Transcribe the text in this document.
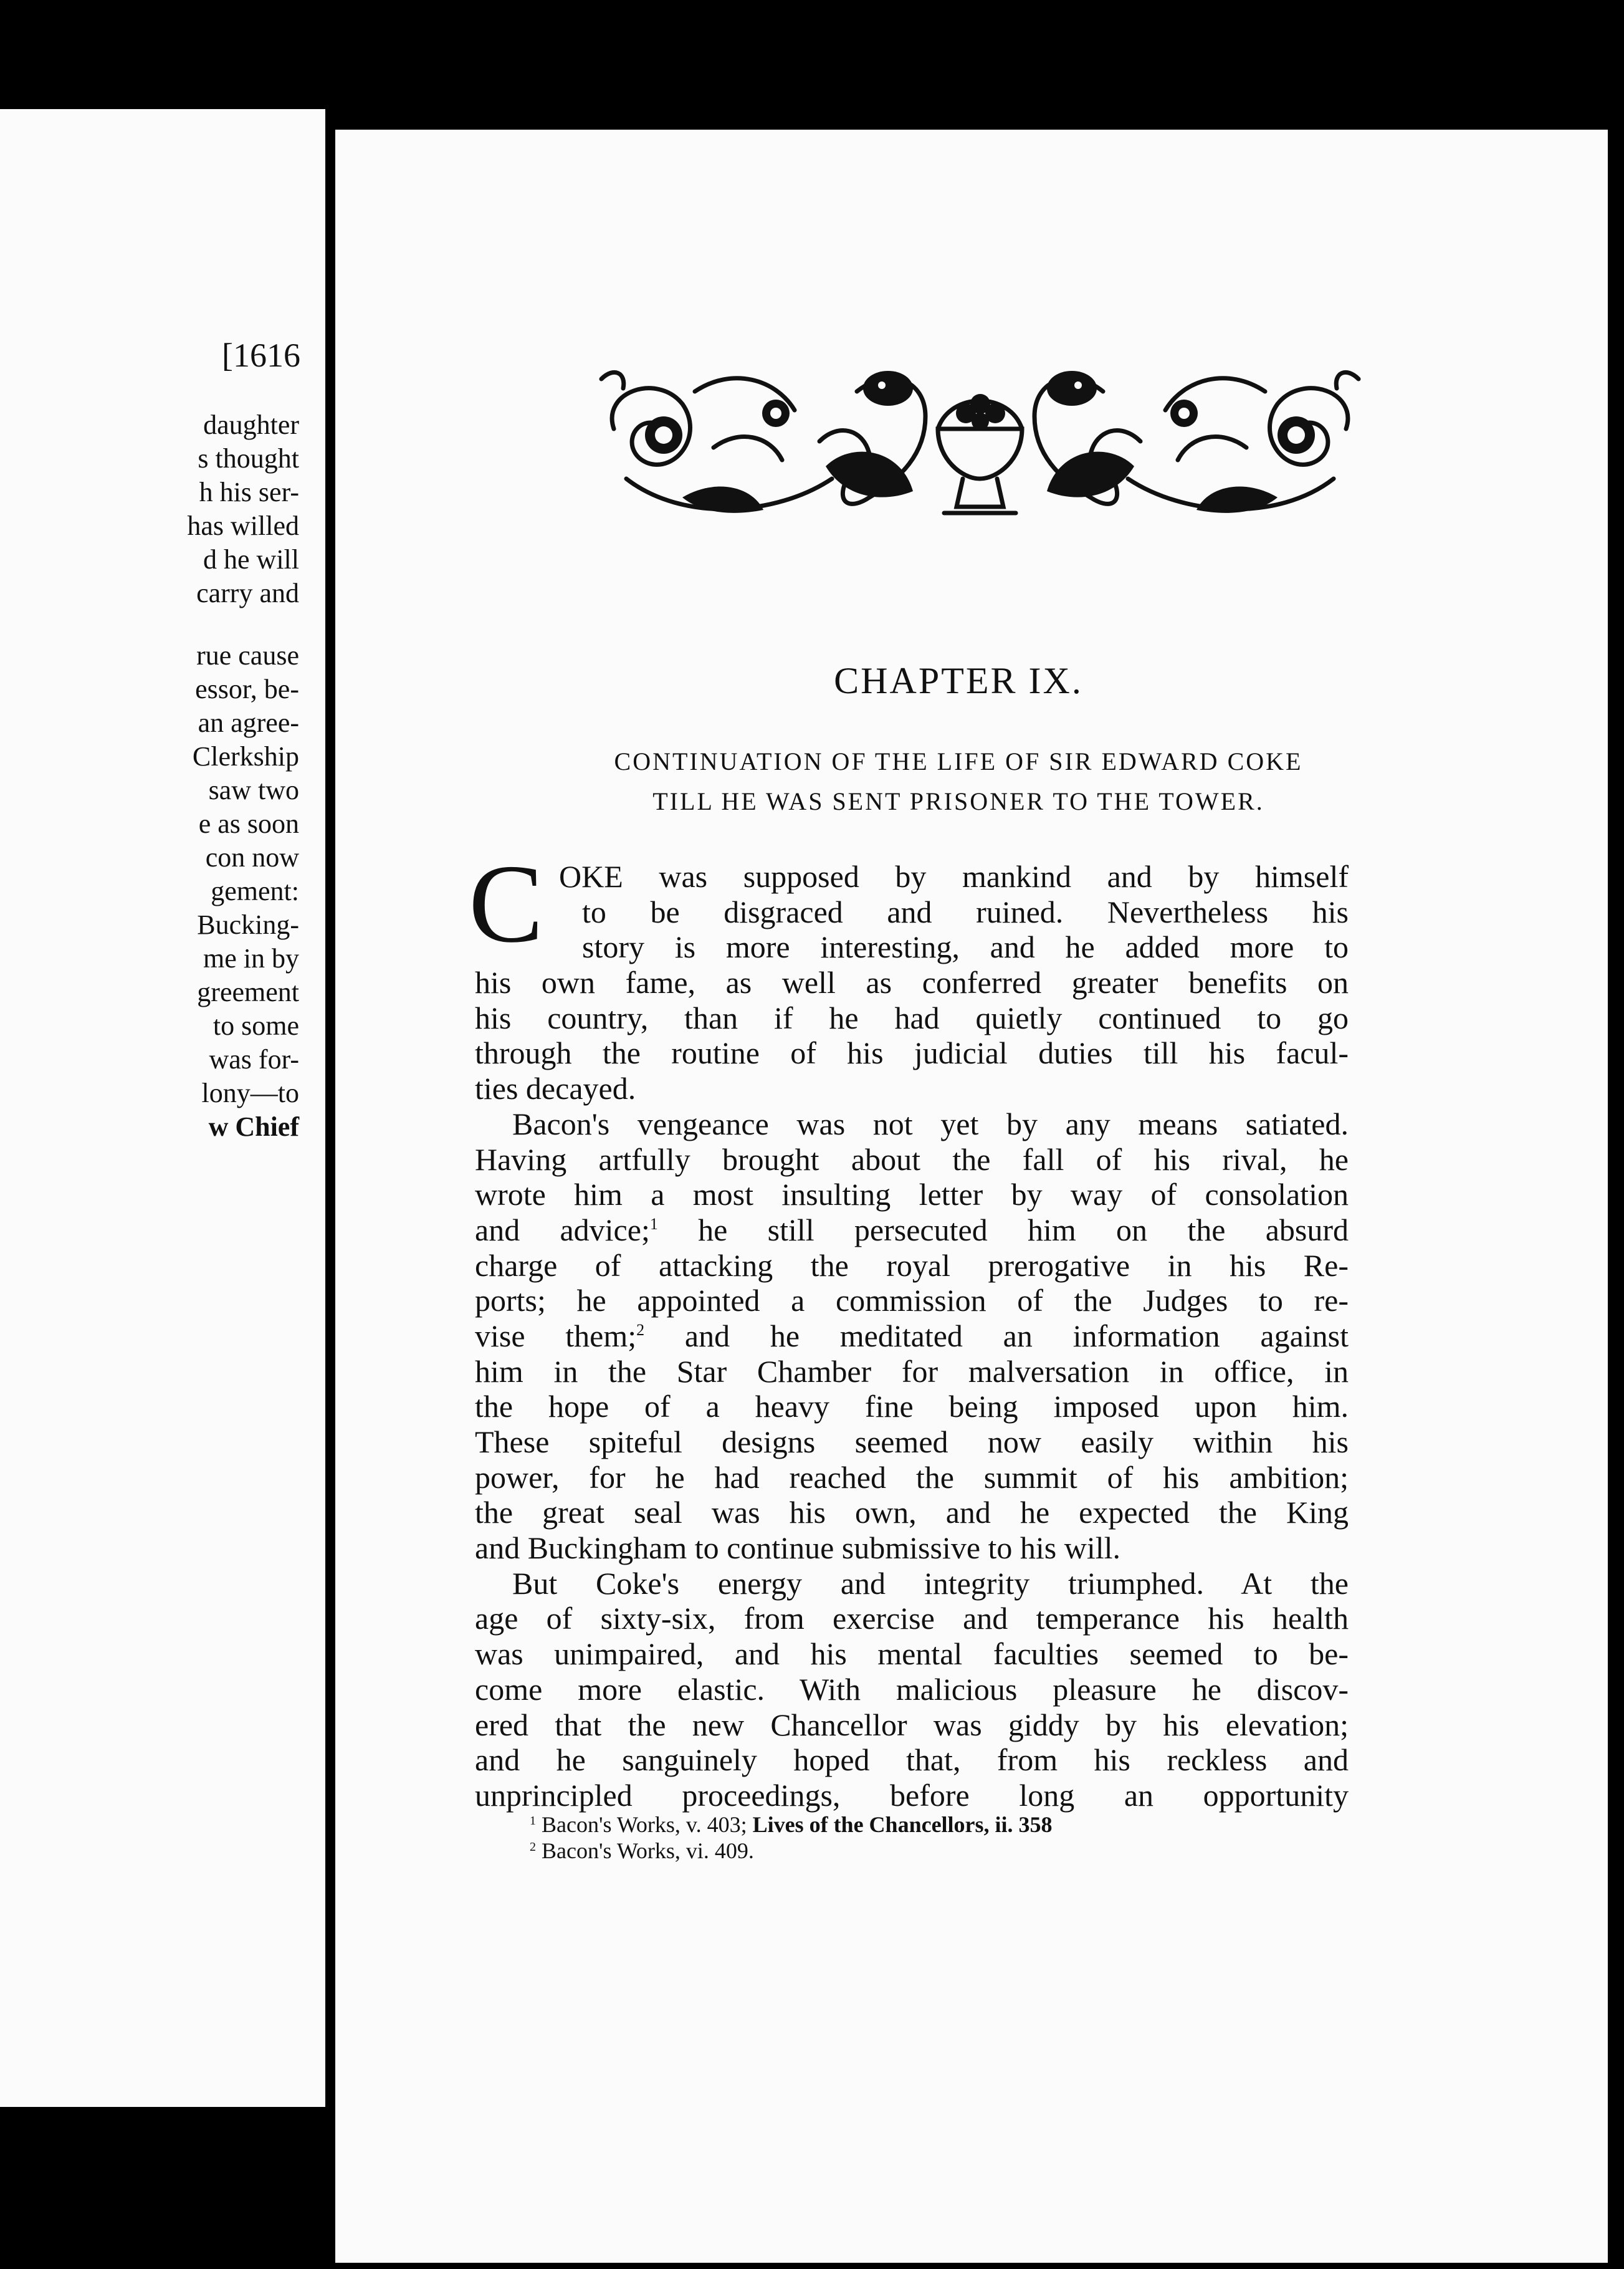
[1616
daughter
s thought
h his ser-
has willed
d he will
carry and
rue cause
essor, be-
an agree-
Clerkship
saw two
e as soon
con now
gement:
Bucking-
me in by
greement
to some
was for-
lony—to
w Chief
CHAPTER IX.
CONTINUATION OF THE LIFE OF SIR EDWARD COKE
TILL HE WAS SENT PRISONER TO THE TOWER.
C OKE was supposed by mankind and by himself
to be disgraced and ruined. Nevertheless his
story is more interesting, and he added more to
his own fame, as well as conferred greater benefits on
his country, than if he had quietly continued to go
through the routine of his judicial duties till his facul-
ties decayed.
Bacon's vengeance was not yet by any means satiated.
Having artfully brought about the fall of his rival, he
wrote him a most insulting letter by way of consolation
and advice;$^1$ he still persecuted him on the absurd
charge of attacking the royal prerogative in his Re-
ports; he appointed a commission of the Judges to re-
vise them;$^2$ and he meditated an information against
him in the Star Chamber for malversation in office, in
the hope of a heavy fine being imposed upon him.
These spiteful designs seemed now easily within his
power, for he had reached the summit of his ambition;
the great seal was his own, and he expected the King
and Buckingham to continue submissive to his will.
But Coke's energy and integrity triumphed. At the
age of sixty-six, from exercise and temperance his health
was unimpaired, and his mental faculties seemed to be-
come more elastic. With malicious pleasure he discov-
ered that the new Chancellor was giddy by his elevation;
and he sanguinely hoped that, from his reckless and
unprincipled proceedings, before long an opportunity
$^1$ Bacon's Works, v. 403; Lives of the Chancellors, ii. 358
$^2$ Bacon's Works, vi. 409.
